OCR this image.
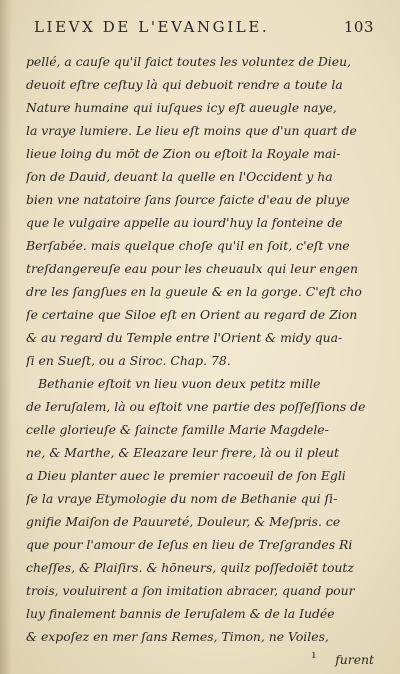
LIEVX DE L'EVANGILE.	103
pellé, a cauſe qu'il faict toutes les voluntez de Dieu,
deuoit eſtre ceſtuy là qui debuoit rendre a toute la
Nature humaine qui iuſques icy eſt aueugle naye,
la vraye lumiere. Le lieu eſt moins que d'un quart de
lieue loing du mōt de Zion ou eſtoit la Royale mai-
ſon de Dauid, deuant la quelle en l'Occident y ha
bien vne natatoire ſans ſource faicte d'eau de pluye
que le vulgaire appelle au iourd'huy la fonteine de
Berſabée. mais quelque choſe qu'il en ſoit, c'eſt vne
treſdangereuſe eau pour les cheuaulx qui leur engen
dre les ſangſues en la gueule & en la gorge. C'eſt cho
ſe certaine que Siloe eſt en Orient au regard de Zion
& au regard du Temple entre l'Orient & midy qua-
ſi en Sueſt, ou a Siroc. Chap. 78.
Bethanie eſtoit vn lieu vuon deux petitz mille
de Ieruſalem, là ou eſtoit vne partie des poſſeſſions de
celle glorieuſe & ſaincte famille Marie Magdele-
ne, & Marthe, & Eleazare leur frere, là ou il pleut
a Dieu planter auec le premier racoeuil de ſon Egli
ſe la vraye Etymologie du nom de Bethanie qui ſi-
gnifie Maiſon de Pauureté, Douleur, & Meſpris. ce
que pour l'amour de Ieſus en lieu de Treſgrandes Ri
cheſſes, & Plaiſirs. & hōneurs, quilz poſſedoiēt toutz
trois, vouluirent a ſon imitation abracer, quand pour
luy finalement bannis de Ieruſalem & de la Iudée
& expoſez en mer ſans Remes, Timon, ne Voiles,
furent
ı
